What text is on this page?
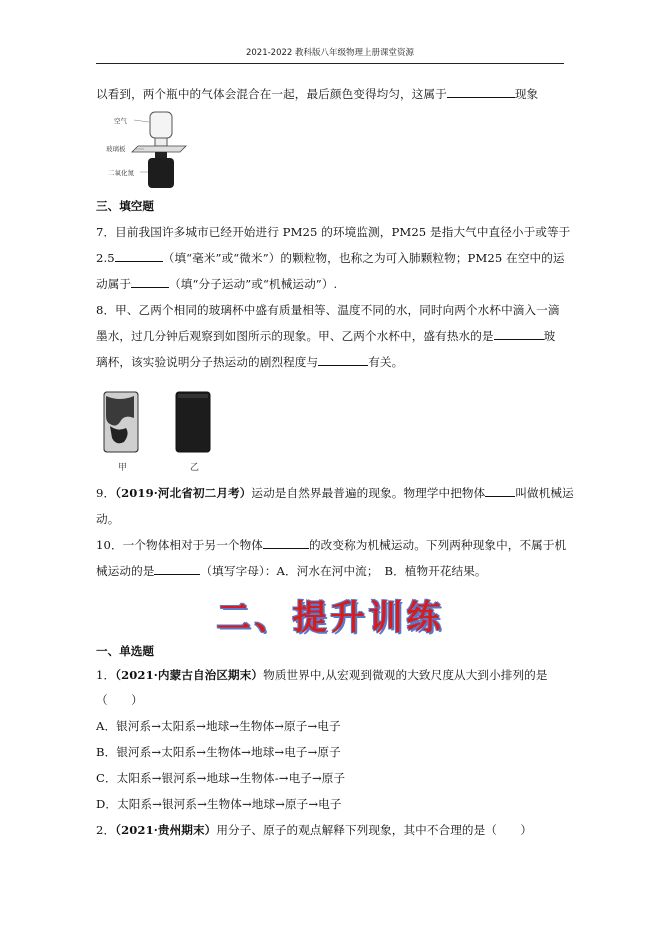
2021-2022 教科版八年级物理上册课堂资源
以看到，两个瓶中的气体会混合在一起，最后颜色变得均匀，这属于	现象
空气
玻璃板
二氧化氮
三、填空题
7．目前我国许多城市已经开始进行 PM25 的环境监测，PM25 是指大气中直径小于或等于
2.5	（填“毫米”或“微米”）的颗粒物，也称之为可入肺颗粒物；PM25 在空中的运
动属于	（填“分子运动”或“机械运动”）.
8．甲、乙两个相同的玻璃杯中盛有质量相等、温度不同的水，同时向两个水杯中滴入一滴
墨水，过几分钟后观察到如图所示的现象。甲、乙两个水杯中，盛有热水的是	玻
璃杯，该实验说明分子热运动的剧烈程度与	有关。
甲	乙
9．（2019·河北省初二月考）运动是自然界最普遍的现象。物理学中把物体	叫做机械运
动。
10．一个物体相对于另一个物体	的改变称为机械运动。下列两种现象中，不属于机
械运动的是	（填写字母）：A．河水在河中流；　B．植物开花结果。
二、提升训练
一、单选题
1．（2021·内蒙古自治区期末）物质世界中,从宏观到微观的大致尺度从大到小排列的是
（　　）
A．银河系→太阳系→地球→生物体→原子→电子
B．银河系→太阳系→生物体→地球→电子→原子
C．太阳系→银河系→地球→生物体-→电子→原子
D．太阳系→银河系→生物体→地球→原子→电子
2．（2021·贵州期末）用分子、原子的观点解释下列现象，其中不合理的是（　　）
